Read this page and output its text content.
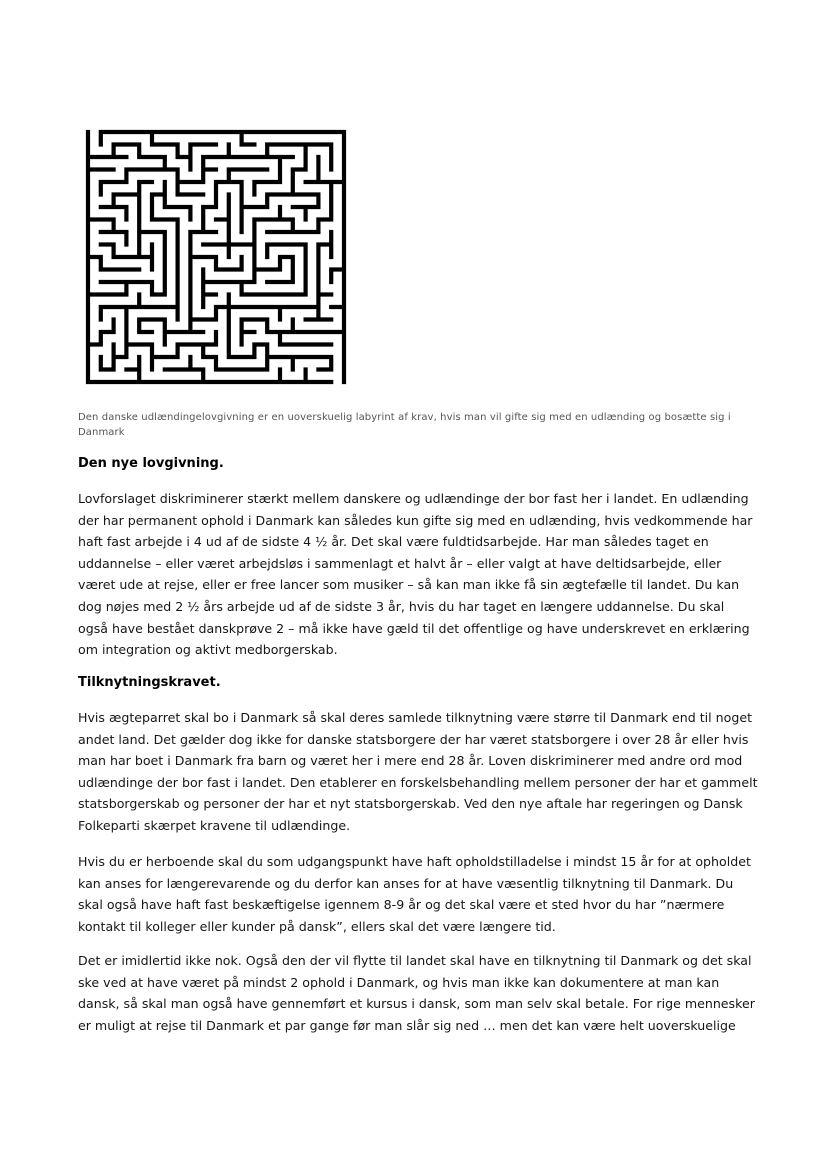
Den danske udlændingelovgivning er en uoverskuelig labyrint af krav, hvis man vil gifte sig med en udlænding og bosætte sig i Danmark
Den nye lovgivning.

Lovforslaget diskriminerer stærkt mellem danskere og udlændinge der bor fast her i landet. En udlænding der har permanent ophold i Danmark kan således kun gifte sig med en udlænding, hvis vedkommende har haft fast arbejde i 4 ud af de sidste 4 ½ år. Det skal være fuldtidsarbejde. Har man således taget en uddannelse – eller været arbejdsløs i sammenlagt et halvt år – eller valgt at have deltidsarbejde, eller været ude at rejse, eller er free lancer som musiker – så kan man ikke få sin ægtefælle til landet. Du kan dog nøjes med 2 ½ års arbejde ud af de sidste 3 år, hvis du har taget en længere uddannelse. Du skal også have bestået danskprøve 2 – må ikke have gæld til det offentlige og have underskrevet en erklæring om integration og aktivt medborgerskab.

Tilknytningskravet.

Hvis ægteparret skal bo i Danmark så skal deres samlede tilknytning være større til Danmark end til noget andet land. Det gælder dog ikke for danske statsborgere der har været statsborgere i over 28 år eller hvis man har boet i Danmark fra barn og været her i mere end 28 år. Loven diskriminerer med andre ord mod udlændinge der bor fast i landet. Den etablerer en forskelsbehandling mellem personer der har et gammelt statsborgerskab og personer der har et nyt statsborgerskab. Ved den nye aftale har regeringen og Dansk Folkeparti skærpet kravene til udlændinge.

Hvis du er herboende skal du som udgangspunkt have haft opholdstilladelse i mindst 15 år for at opholdet kan anses for længerevarende og du derfor kan anses for at have væsentlig tilknytning til Danmark. Du skal også have haft fast beskæftigelse igennem 8-9 år og det skal være et sted hvor du har ”nærmere kontakt til kolleger eller kunder på dansk”, ellers skal det være længere tid.

Det er imidlertid ikke nok. Også den der vil flytte til landet skal have en tilknytning til Danmark og det skal ske ved at have været på mindst 2 ophold i Danmark, og hvis man ikke kan dokumentere at man kan dansk, så skal man også have gennemført et kursus i dansk, som man selv skal betale. For rige mennesker er muligt at rejse til Danmark et par gange før man slår sig ned … men det kan være helt uoverskuelige
